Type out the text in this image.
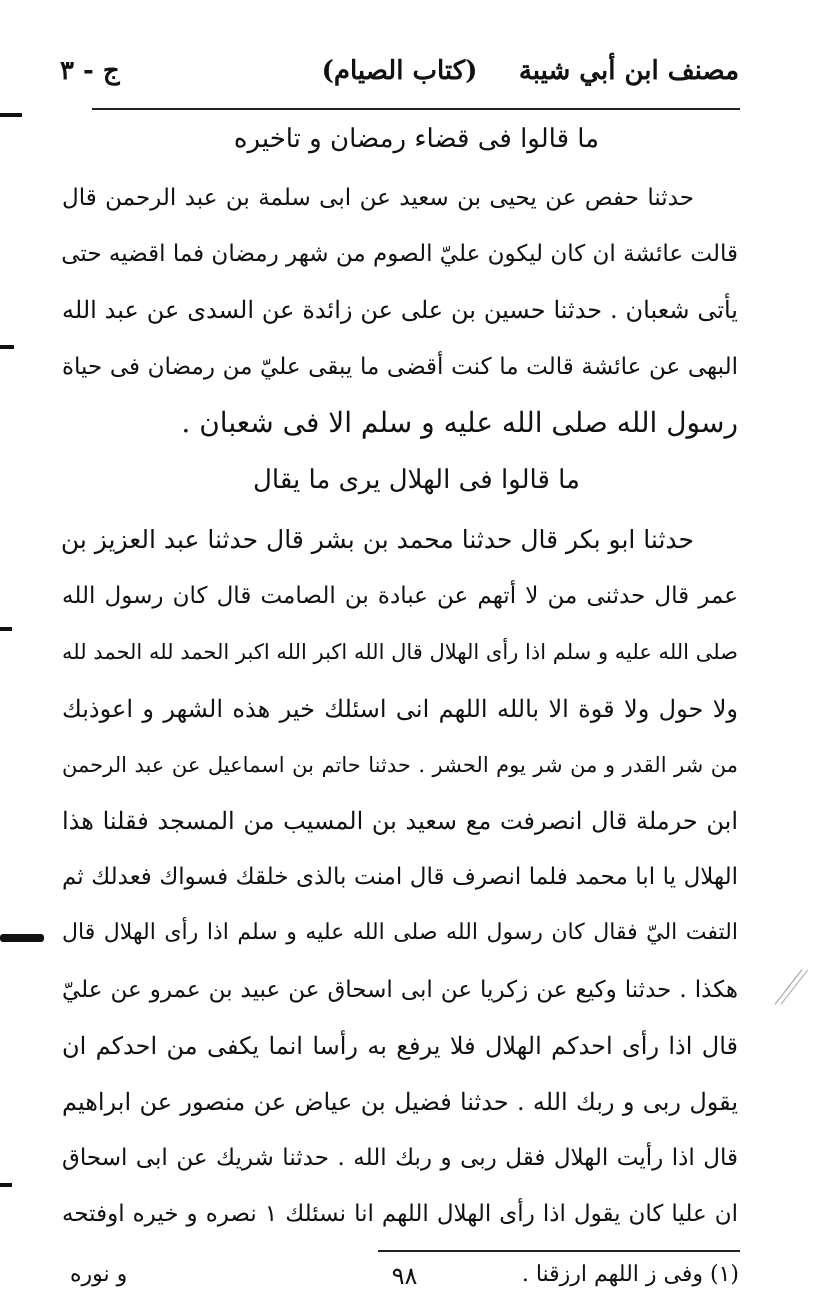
مصنف ابن أبي شيبة
(كتاب الصيام)
ج - ٣
ما قالوا فى قضاء رمضان و تاخيره
حدثنا حفص عن يحيى بن سعيد عن ابى سلمة بن عبد الرحمن قال
قالت عائشة ان كان ليكون عليّ الصوم من شهر رمضان فما اقضيه حتى
يأتى شعبان . حدثنا حسين بن على عن زائدة عن السدى عن عبد الله
البهى عن عائشة قالت ما كنت أقضى ما يبقى عليّ من رمضان فى حياة
رسول الله صلى الله عليه و سلم الا فى شعبان .
ما قالوا فى الهلال يرى ما يقال
حدثنا ابو بكر قال حدثنا محمد بن بشر قال حدثنا عبد العزيز بن
عمر قال حدثنى من لا أتهم عن عبادة بن الصامت قال كان رسول الله
صلى الله عليه و سلم اذا رأى الهلال قال الله اكبر الله اكبر الحمد لله الحمد لله
ولا حول ولا قوة الا بالله اللهم انى اسئلك خير هذه الشهر و اعوذبك
من شر القدر و من شر يوم الحشر . حدثنا حاتم بن اسماعيل عن عبد الرحمن
ابن حرملة قال انصرفت مع سعيد بن المسيب من المسجد فقلنا هذا
الهلال يا ابا محمد فلما انصرف قال امنت بالذى خلقك فسواك فعدلك ثم
التفت اليّ فقال كان رسول الله صلى الله عليه و سلم اذا رأى الهلال قال
هكذا . حدثنا وكيع عن زكريا عن ابى اسحاق عن عبيد بن عمرو عن عليّ
قال اذا رأى احدكم الهلال فلا يرفع به رأسا انما يكفى من احدكم ان
يقول ربى و ربك الله . حدثنا فضيل بن عياض عن منصور عن ابراهيم
قال اذا رأيت الهلال فقل ربى و ربك الله . حدثنا شريك عن ابى اسحاق
ان عليا كان يقول اذا رأى الهلال اللهم انا نسئلك ١ نصره و خيره اوفتحه
(١) وفى ز اللهم ارزقنا .
٩٨
و نوره
